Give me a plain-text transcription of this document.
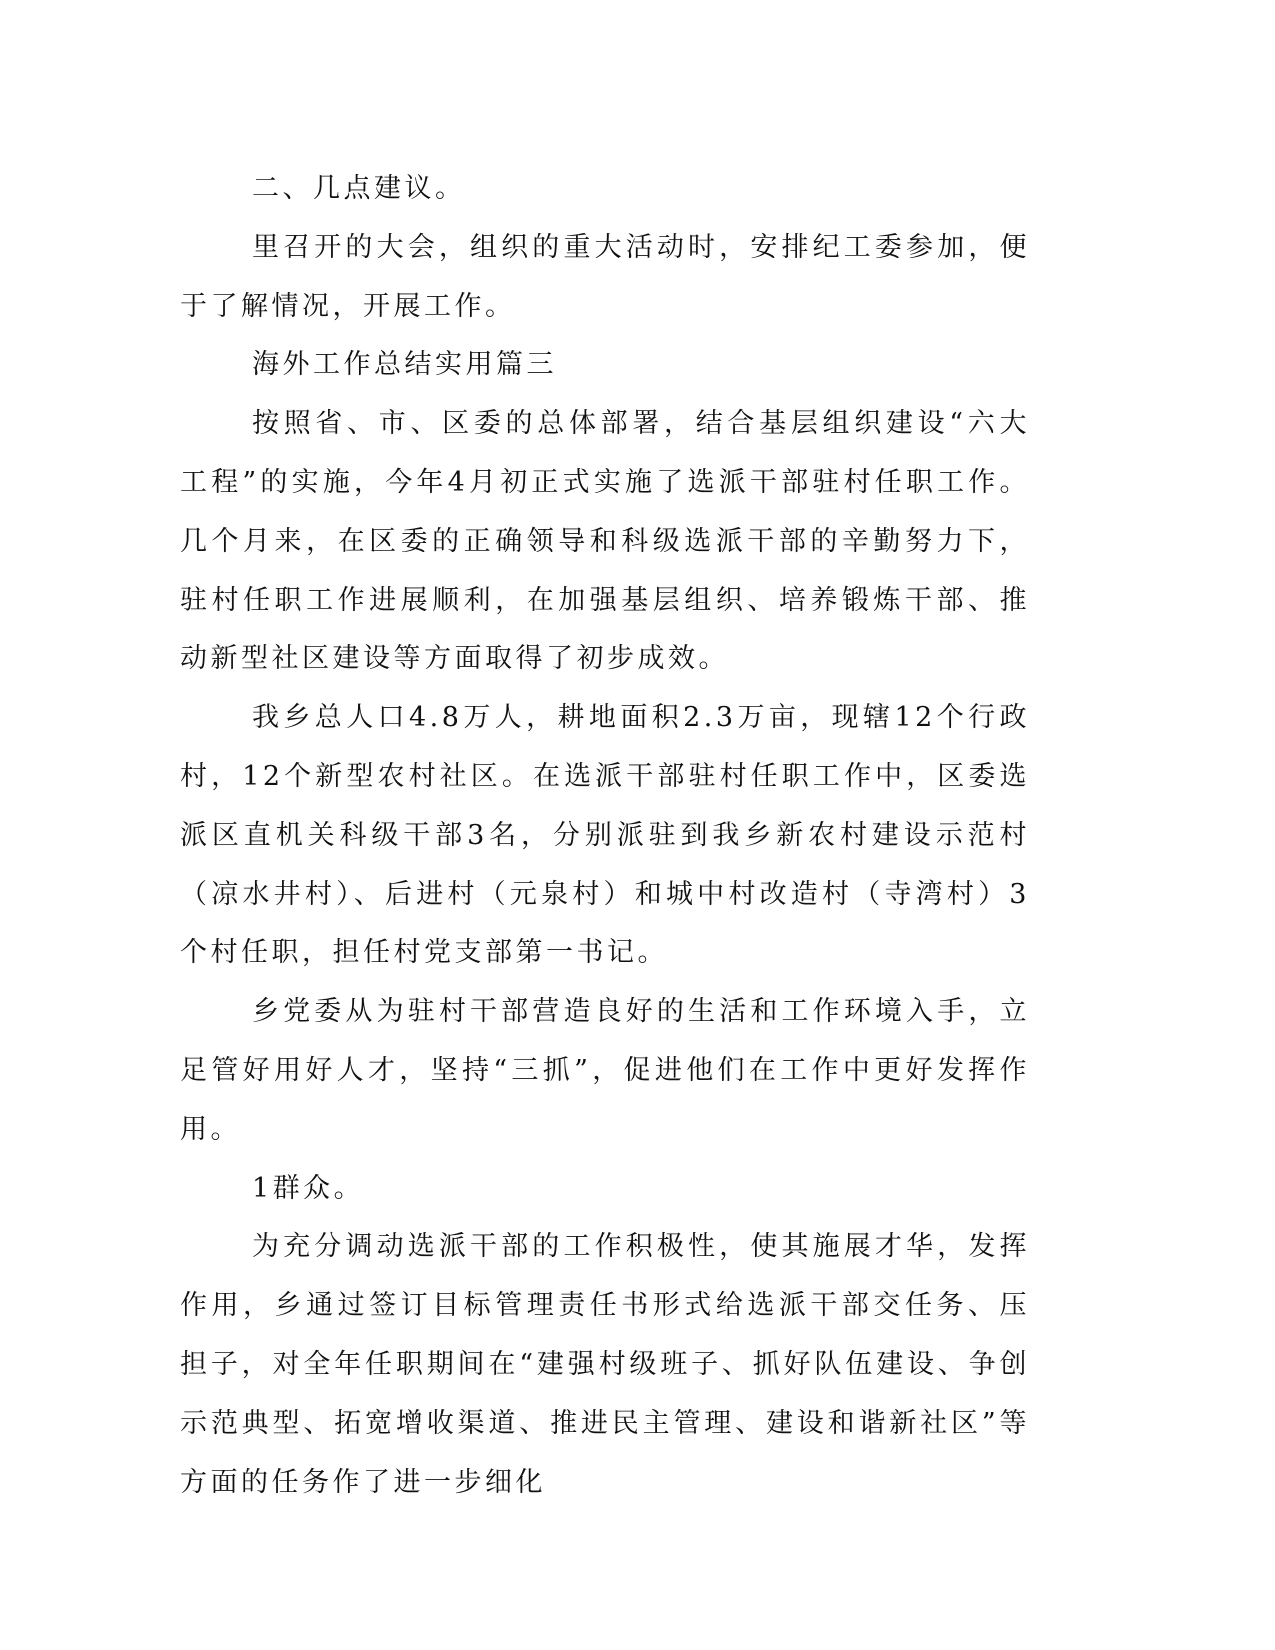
二、几点建议。

里召开的大会，组织的重大活动时，安排纪工委参加，便于了解情况，开展工作。

海外工作总结实用篇三

按照省、市、区委的总体部署，结合基层组织建设“六大工程”的实施，今年4月初正式实施了选派干部驻村任职工作。几个月来，在区委的正确领导和科级选派干部的辛勤努力下，驻村任职工作进展顺利，在加强基层组织、培养锻炼干部、推动新型社区建设等方面取得了初步成效。

我乡总人口4.8万人，耕地面积2.3万亩，现辖12个行政村，12个新型农村社区。在选派干部驻村任职工作中，区委选派区直机关科级干部3名，分别派驻到我乡新农村建设示范村（凉水井村）、后进村（元泉村）和城中村改造村（寺湾村）3个村任职，担任村党支部第一书记。

乡党委从为驻村干部营造良好的生活和工作环境入手，立足管好用好人才，坚持“三抓”，促进他们在工作中更好发挥作用。

1群众。

为充分调动选派干部的工作积极性，使其施展才华，发挥作用，乡通过签订目标管理责任书形式给选派干部交任务、压担子，对全年任职期间在“建强村级班子、抓好队伍建设、争创示范典型、拓宽增收渠道、推进民主管理、建设和谐新社区”等方面的任务作了进一步细化
